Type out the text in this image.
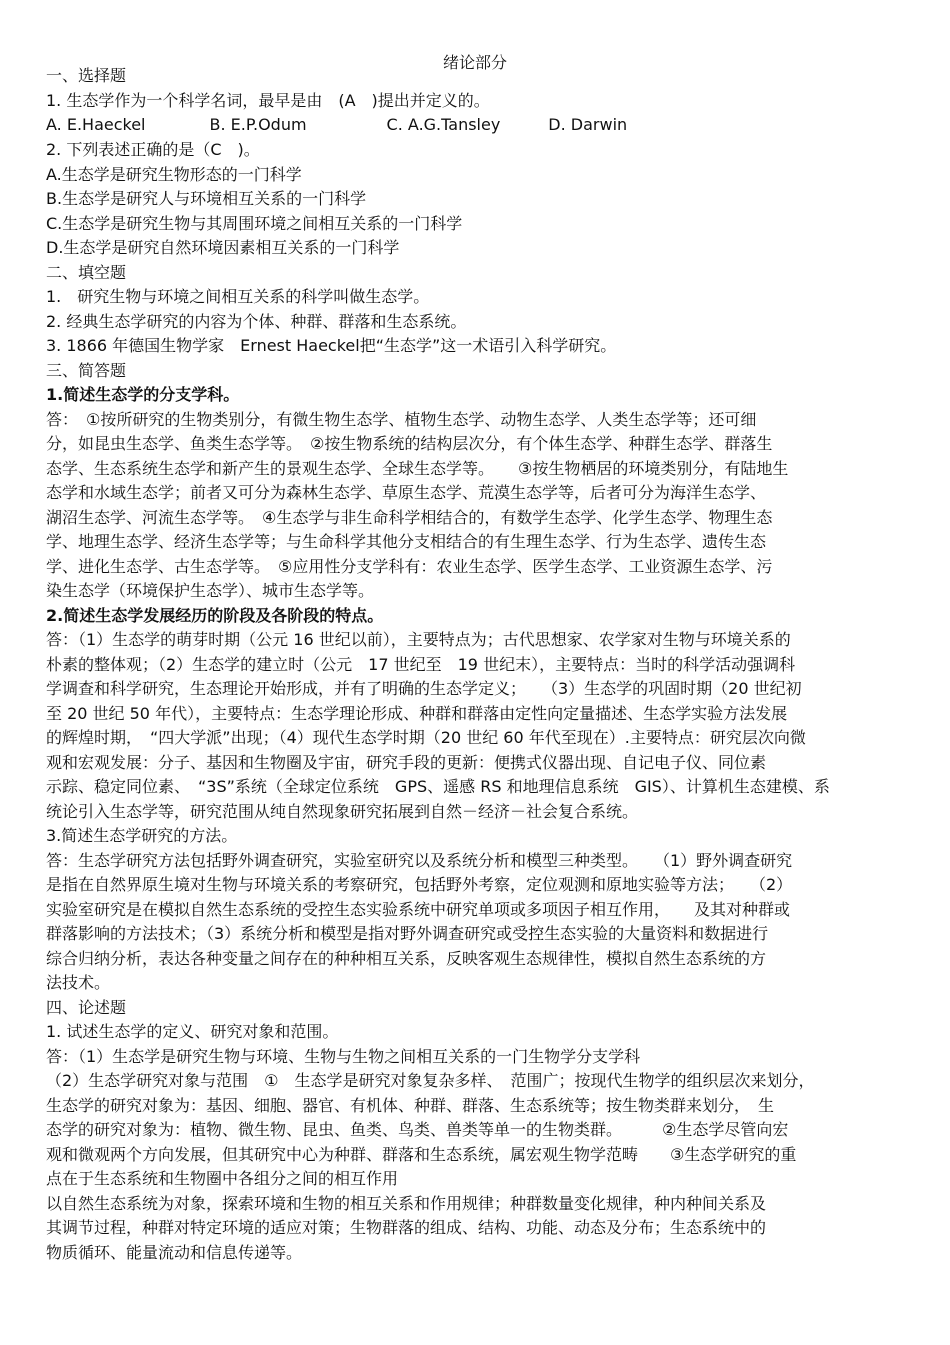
绪论部分
一、选择题
1. 生态学作为一个科学名词，最早是由　(A　)提出并定义的。
A. E.Haeckel　　　　B. E.P.Odum　　　　　C. A.G.Tansley　　　D. Darwin
2. 下列表述正确的是（C　)。
A.生态学是研究生物形态的一门科学
B.生态学是研究人与环境相互关系的一门科学
C.生态学是研究生物与其周围环境之间相互关系的一门科学
D.生态学是研究自然环境因素相互关系的一门科学
二、填空题
1.　研究生物与环境之间相互关系的科学叫做生态学。
2. 经典生态学研究的内容为个体、种群、群落和生态系统。
3. 1866 年德国生物学家　Ernest Haeckel把“生态学”这一术语引入科学研究。
三、简答题
1.简述生态学的分支学科。
答：　①按所研究的生物类别分，有微生物生态学、植物生态学、动物生态学、人类生态学等；还可细
分，如昆虫生态学、鱼类生态学等。　②按生物系统的结构层次分，有个体生态学、种群生态学、群落生
态学、生态系统生态学和新产生的景观生态学、全球生态学等。　　③按生物栖居的环境类别分，有陆地生
态学和水域生态学；前者又可分为森林生态学、草原生态学、荒漠生态学等，后者可分为海洋生态学、
湖沼生态学、河流生态学等。　④生态学与非生命科学相结合的，有数学生态学、化学生态学、物理生态
学、地理生态学、经济生态学等；与生命科学其他分支相结合的有生理生态学、行为生态学、遗传生态
学、进化生态学、古生态学等。　⑤应用性分支学科有：农业生态学、医学生态学、工业资源生态学、污
染生态学（环境保护生态学）、城市生态学等。
2.简述生态学发展经历的阶段及各阶段的特点。
答：（1）生态学的萌芽时期（公元 16 世纪以前），主要特点为；古代思想家、农学家对生物与环境关系的
朴素的整体观；（2）生态学的建立时（公元　17 世纪至　19 世纪末），主要特点：当时的科学活动强调科
学调查和科学研究，生态理论开始形成，并有了明确的生态学定义；　　（3）生态学的巩固时期（20 世纪初
至 20 世纪 50 年代），主要特点：生态学理论形成、种群和群落由定性向定量描述、生态学实验方法发展
的辉煌时期，　“四大学派”出现；（4）现代生态学时期（20 世纪 60 年代至现在）.主要特点：研究层次向微
观和宏观发展：分子、基因和生物圈及宇宙，研究手段的更新：便携式仪器出现、自记电子仪、同位素
示踪、稳定同位素、　“3S”系统（全球定位系统　GPS、遥感 RS 和地理信息系统　GIS）、计算机生态建模、系
统论引入生态学等，研究范围从纯自然现象研究拓展到自然－经济－社会复合系统。
3.简述生态学研究的方法。
答：生态学研究方法包括野外调查研究，实验室研究以及系统分析和模型三种类型。　　（1）野外调查研究
是指在自然界原生境对生物与环境关系的考察研究，包括野外考察，定位观测和原地实验等方法；　　（2）
实验室研究是在模拟自然生态系统的受控生态实验系统中研究单项或多项因子相互作用，　　及其对种群或
群落影响的方法技术；（3）系统分析和模型是指对野外调查研究或受控生态实验的大量资料和数据进行
综合归纳分析，表达各种变量之间存在的种种相互关系，反映客观生态规律性，模拟自然生态系统的方
法技术。
四、论述题
1. 试述生态学的定义、研究对象和范围。
答：（1）生态学是研究生物与环境、生物与生物之间相互关系的一门生物学分支学科
（2）生态学研究对象与范围　①　生态学是研究对象复杂多样、　范围广；按现代生物学的组织层次来划分，
生态学的研究对象为：基因、细胞、器官、有机体、种群、群落、生态系统等；按生物类群来划分，　生
态学的研究对象为：植物、微生物、昆虫、鱼类、鸟类、兽类等单一的生物类群。　　　②生态学尽管向宏
观和微观两个方向发展，但其研究中心为种群、群落和生态系统，属宏观生物学范畴　　③生态学研究的重
点在于生态系统和生物圈中各组分之间的相互作用
以自然生态系统为对象，探索环境和生物的相互关系和作用规律；种群数量变化规律，种内种间关系及
其调节过程，种群对特定环境的适应对策；生物群落的组成、结构、功能、动态及分布；生态系统中的
物质循环、能量流动和信息传递等。
